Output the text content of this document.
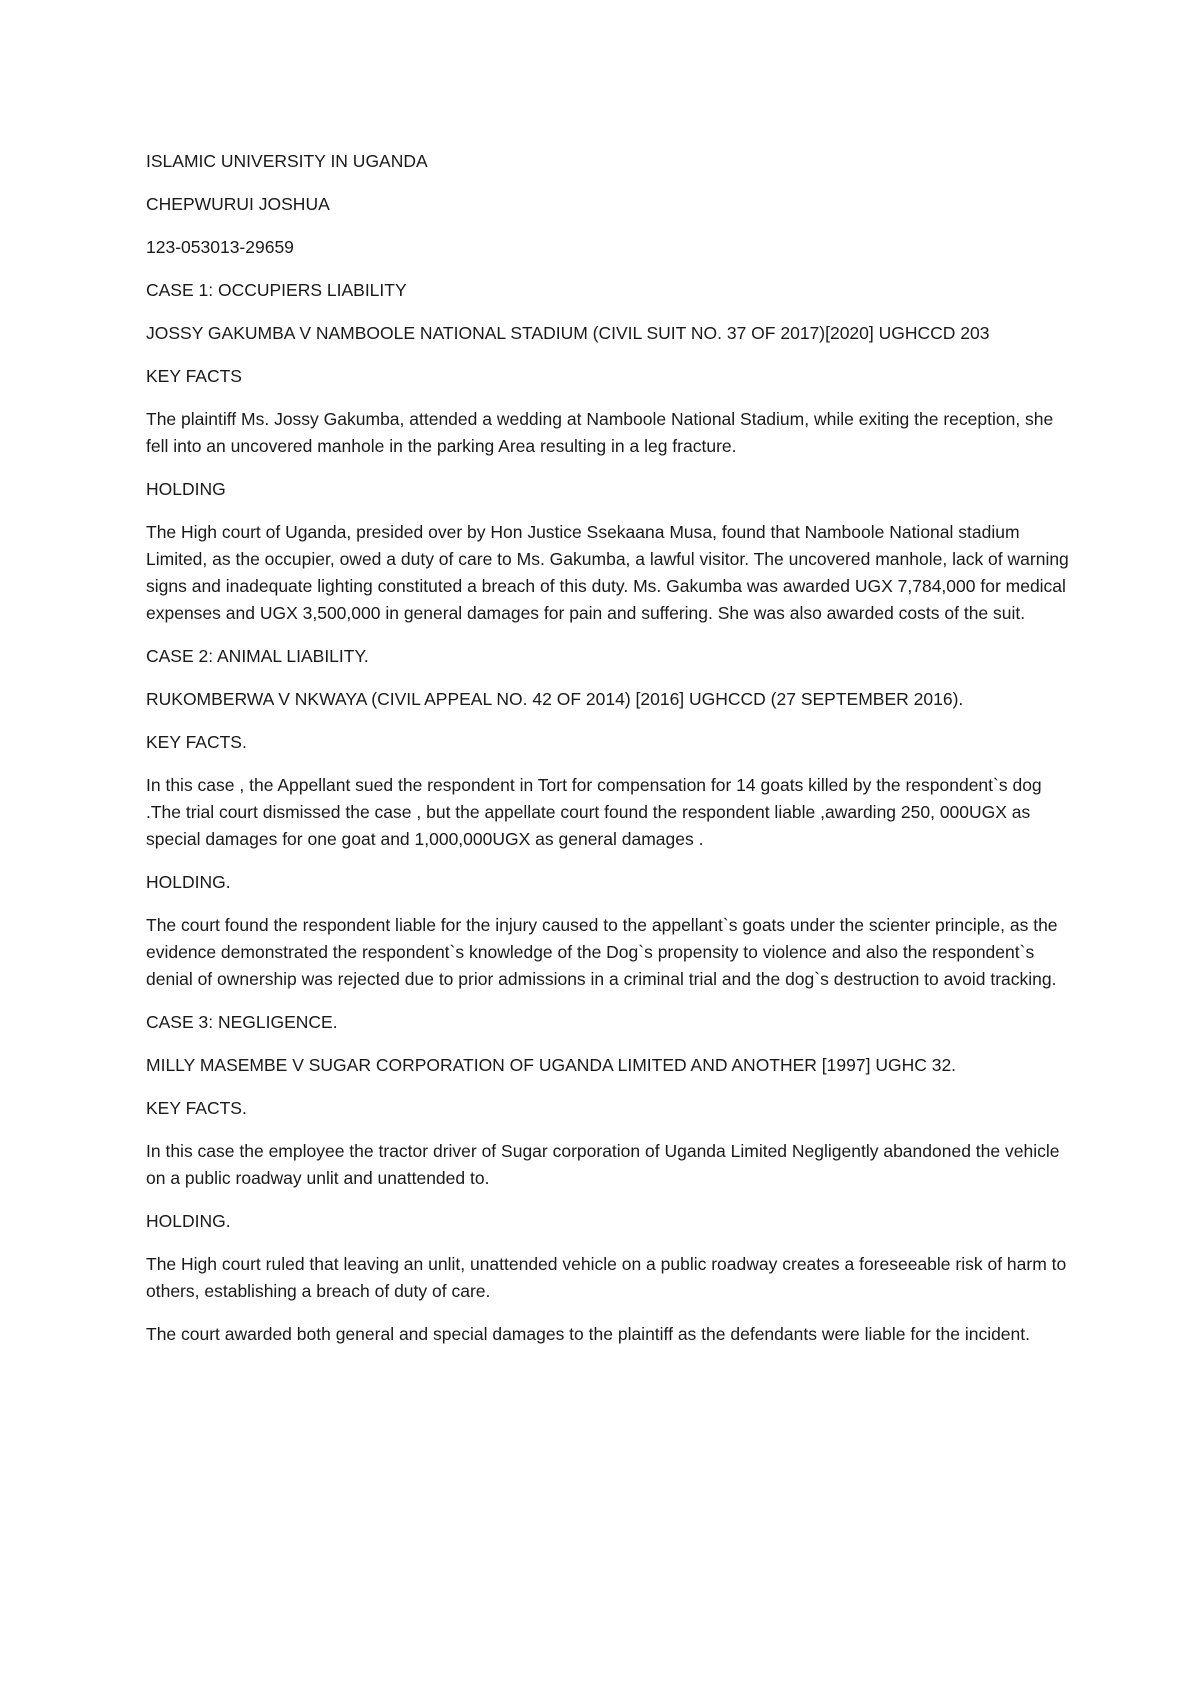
ISLAMIC UNIVERSITY IN UGANDA

CHEPWURUI JOSHUA

123-053013-29659

CASE 1: OCCUPIERS LIABILITY

JOSSY GAKUMBA V NAMBOOLE NATIONAL STADIUM (CIVIL SUIT NO. 37 OF 2017)[2020] UGHCCD 203

KEY FACTS

The plaintiff Ms. Jossy Gakumba, attended a wedding at Namboole National Stadium, while exiting the reception, she fell into an uncovered manhole in the parking Area resulting in a leg fracture.

HOLDING

The High court of Uganda, presided over by Hon Justice Ssekaana Musa, found that Namboole National stadium Limited, as the occupier, owed a duty of care to Ms. Gakumba, a lawful visitor. The uncovered manhole, lack of warning signs and inadequate lighting constituted a breach of this duty. Ms. Gakumba was awarded UGX 7,784,000 for medical expenses and UGX 3,500,000 in general damages for pain and suffering. She was also awarded costs of the suit.

CASE 2: ANIMAL LIABILITY.

RUKOMBERWA V NKWAYA (CIVIL APPEAL NO. 42 OF 2014) [2016] UGHCCD (27 SEPTEMBER 2016).

KEY FACTS.

In this case , the Appellant sued the respondent in Tort for compensation for 14 goats killed by the respondent`s dog .The trial court dismissed the case , but the appellate court found the respondent liable ,awarding 250, 000UGX as special damages for one goat and 1,000,000UGX as general damages .

HOLDING.

The court found the respondent liable for the injury caused to the appellant`s goats under the scienter principle, as the evidence demonstrated the respondent`s knowledge of the Dog`s propensity to violence and also the respondent`s denial of ownership was rejected due to prior admissions in a criminal trial and the dog`s destruction to avoid tracking.

CASE 3: NEGLIGENCE.

MILLY MASEMBE V SUGAR CORPORATION OF UGANDA LIMITED AND ANOTHER [1997] UGHC 32.

KEY FACTS.

In this case the employee the tractor driver of Sugar corporation of Uganda Limited Negligently abandoned the vehicle on a public roadway unlit and unattended to.

HOLDING.

The High court ruled that leaving an unlit, unattended vehicle on a public roadway creates a foreseeable risk of harm to others, establishing a breach of duty of care.

The court awarded both general and special damages to the plaintiff as the defendants were liable for the incident.
